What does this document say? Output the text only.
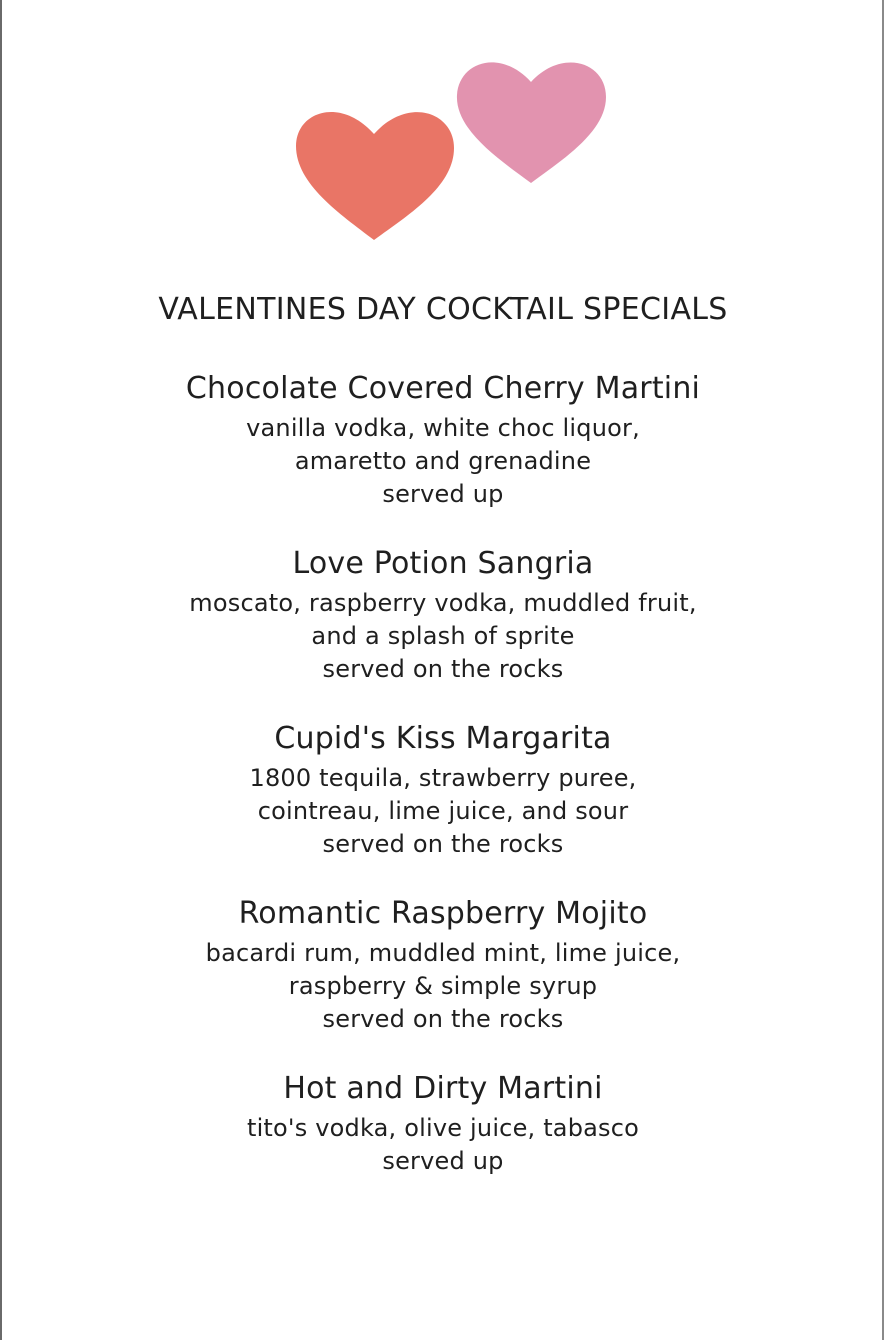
VALENTINES DAY COCKTAIL SPECIALS
Chocolate Covered Cherry Martini
vanilla vodka, white choc liquor,
amaretto and grenadine
served up
Love Potion Sangria
moscato, raspberry vodka, muddled fruit,
and a splash of sprite
served on the rocks
Cupid's Kiss Margarita
1800 tequila, strawberry puree,
cointreau, lime juice, and sour
served on the rocks
Romantic Raspberry Mojito
bacardi rum, muddled mint, lime juice,
raspberry & simple syrup
served on the rocks
Hot and Dirty Martini
tito's vodka, olive juice, tabasco
served up
